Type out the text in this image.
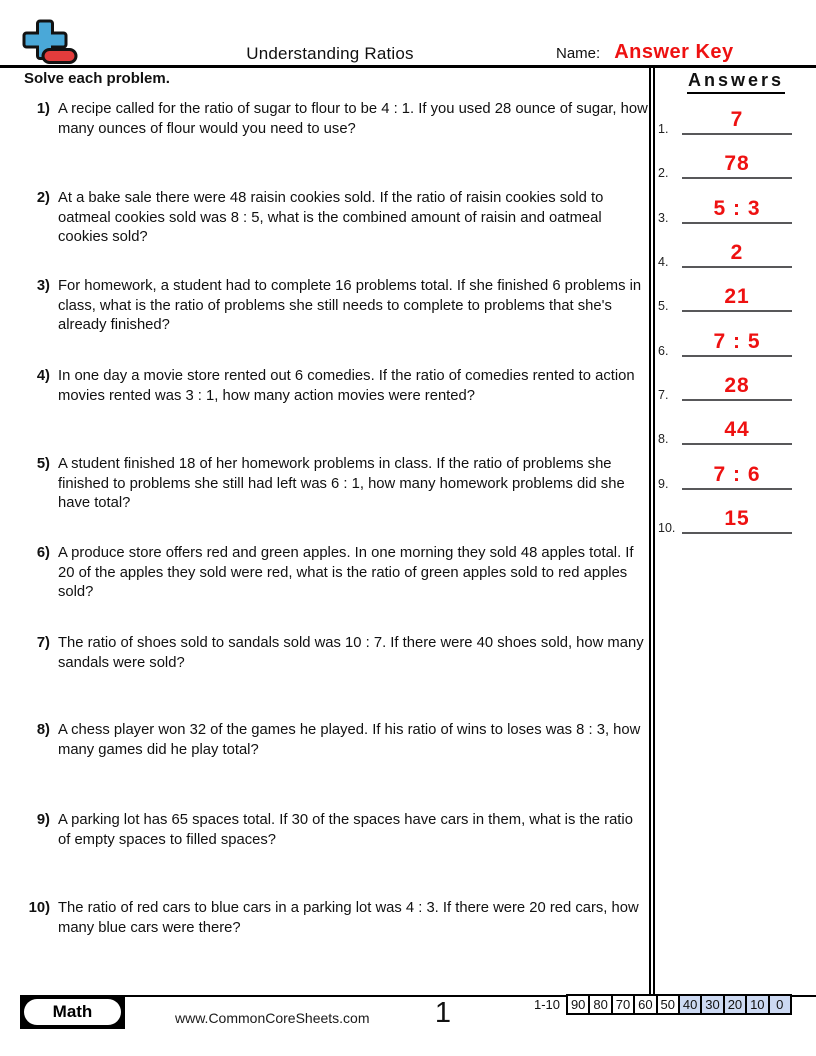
Understanding Ratios	Name: Answer Key
Solve each problem.
1) A recipe called for the ratio of sugar to flour to be 4 : 1. If you used 28 ounce of sugar, how many ounces of flour would you need to use?
2) At a bake sale there were 48 raisin cookies sold. If the ratio of raisin cookies sold to oatmeal cookies sold was 8 : 5, what is the combined amount of raisin and oatmeal cookies sold?
3) For homework, a student had to complete 16 problems total. If she finished 6 problems in class, what is the ratio of problems she still needs to complete to problems that she's already finished?
4) In one day a movie store rented out 6 comedies. If the ratio of comedies rented to action movies rented was 3 : 1, how many action movies were rented?
5) A student finished 18 of her homework problems in class. If the ratio of problems she finished to problems she still had left was 6 : 1, how many homework problems did she have total?
6) A produce store offers red and green apples. In one morning they sold 48 apples total. If 20 of the apples they sold were red, what is the ratio of green apples sold to red apples sold?
7) The ratio of shoes sold to sandals sold was 10 : 7. If there were 40 shoes sold, how many sandals were sold?
8) A chess player won 32 of the games he played. If his ratio of wins to loses was 8 : 3, how many games did he play total?
9) A parking lot has 65 spaces total. If 30 of the spaces have cars in them, what is the ratio of empty spaces to filled spaces?
10) The ratio of red cars to blue cars in a parking lot was 4 : 3. If there were 20 red cars, how many blue cars were there?
Answers
1.	7
2.	78
3. 5 : 3
4.	2
5.	21
6. 7 : 5
7.	28
8.	44
9. 7 : 6
10. 15
Math	www.CommonCoreSheets.com	1	1-10 90 80 70 60 50 40 30 20 10 0
